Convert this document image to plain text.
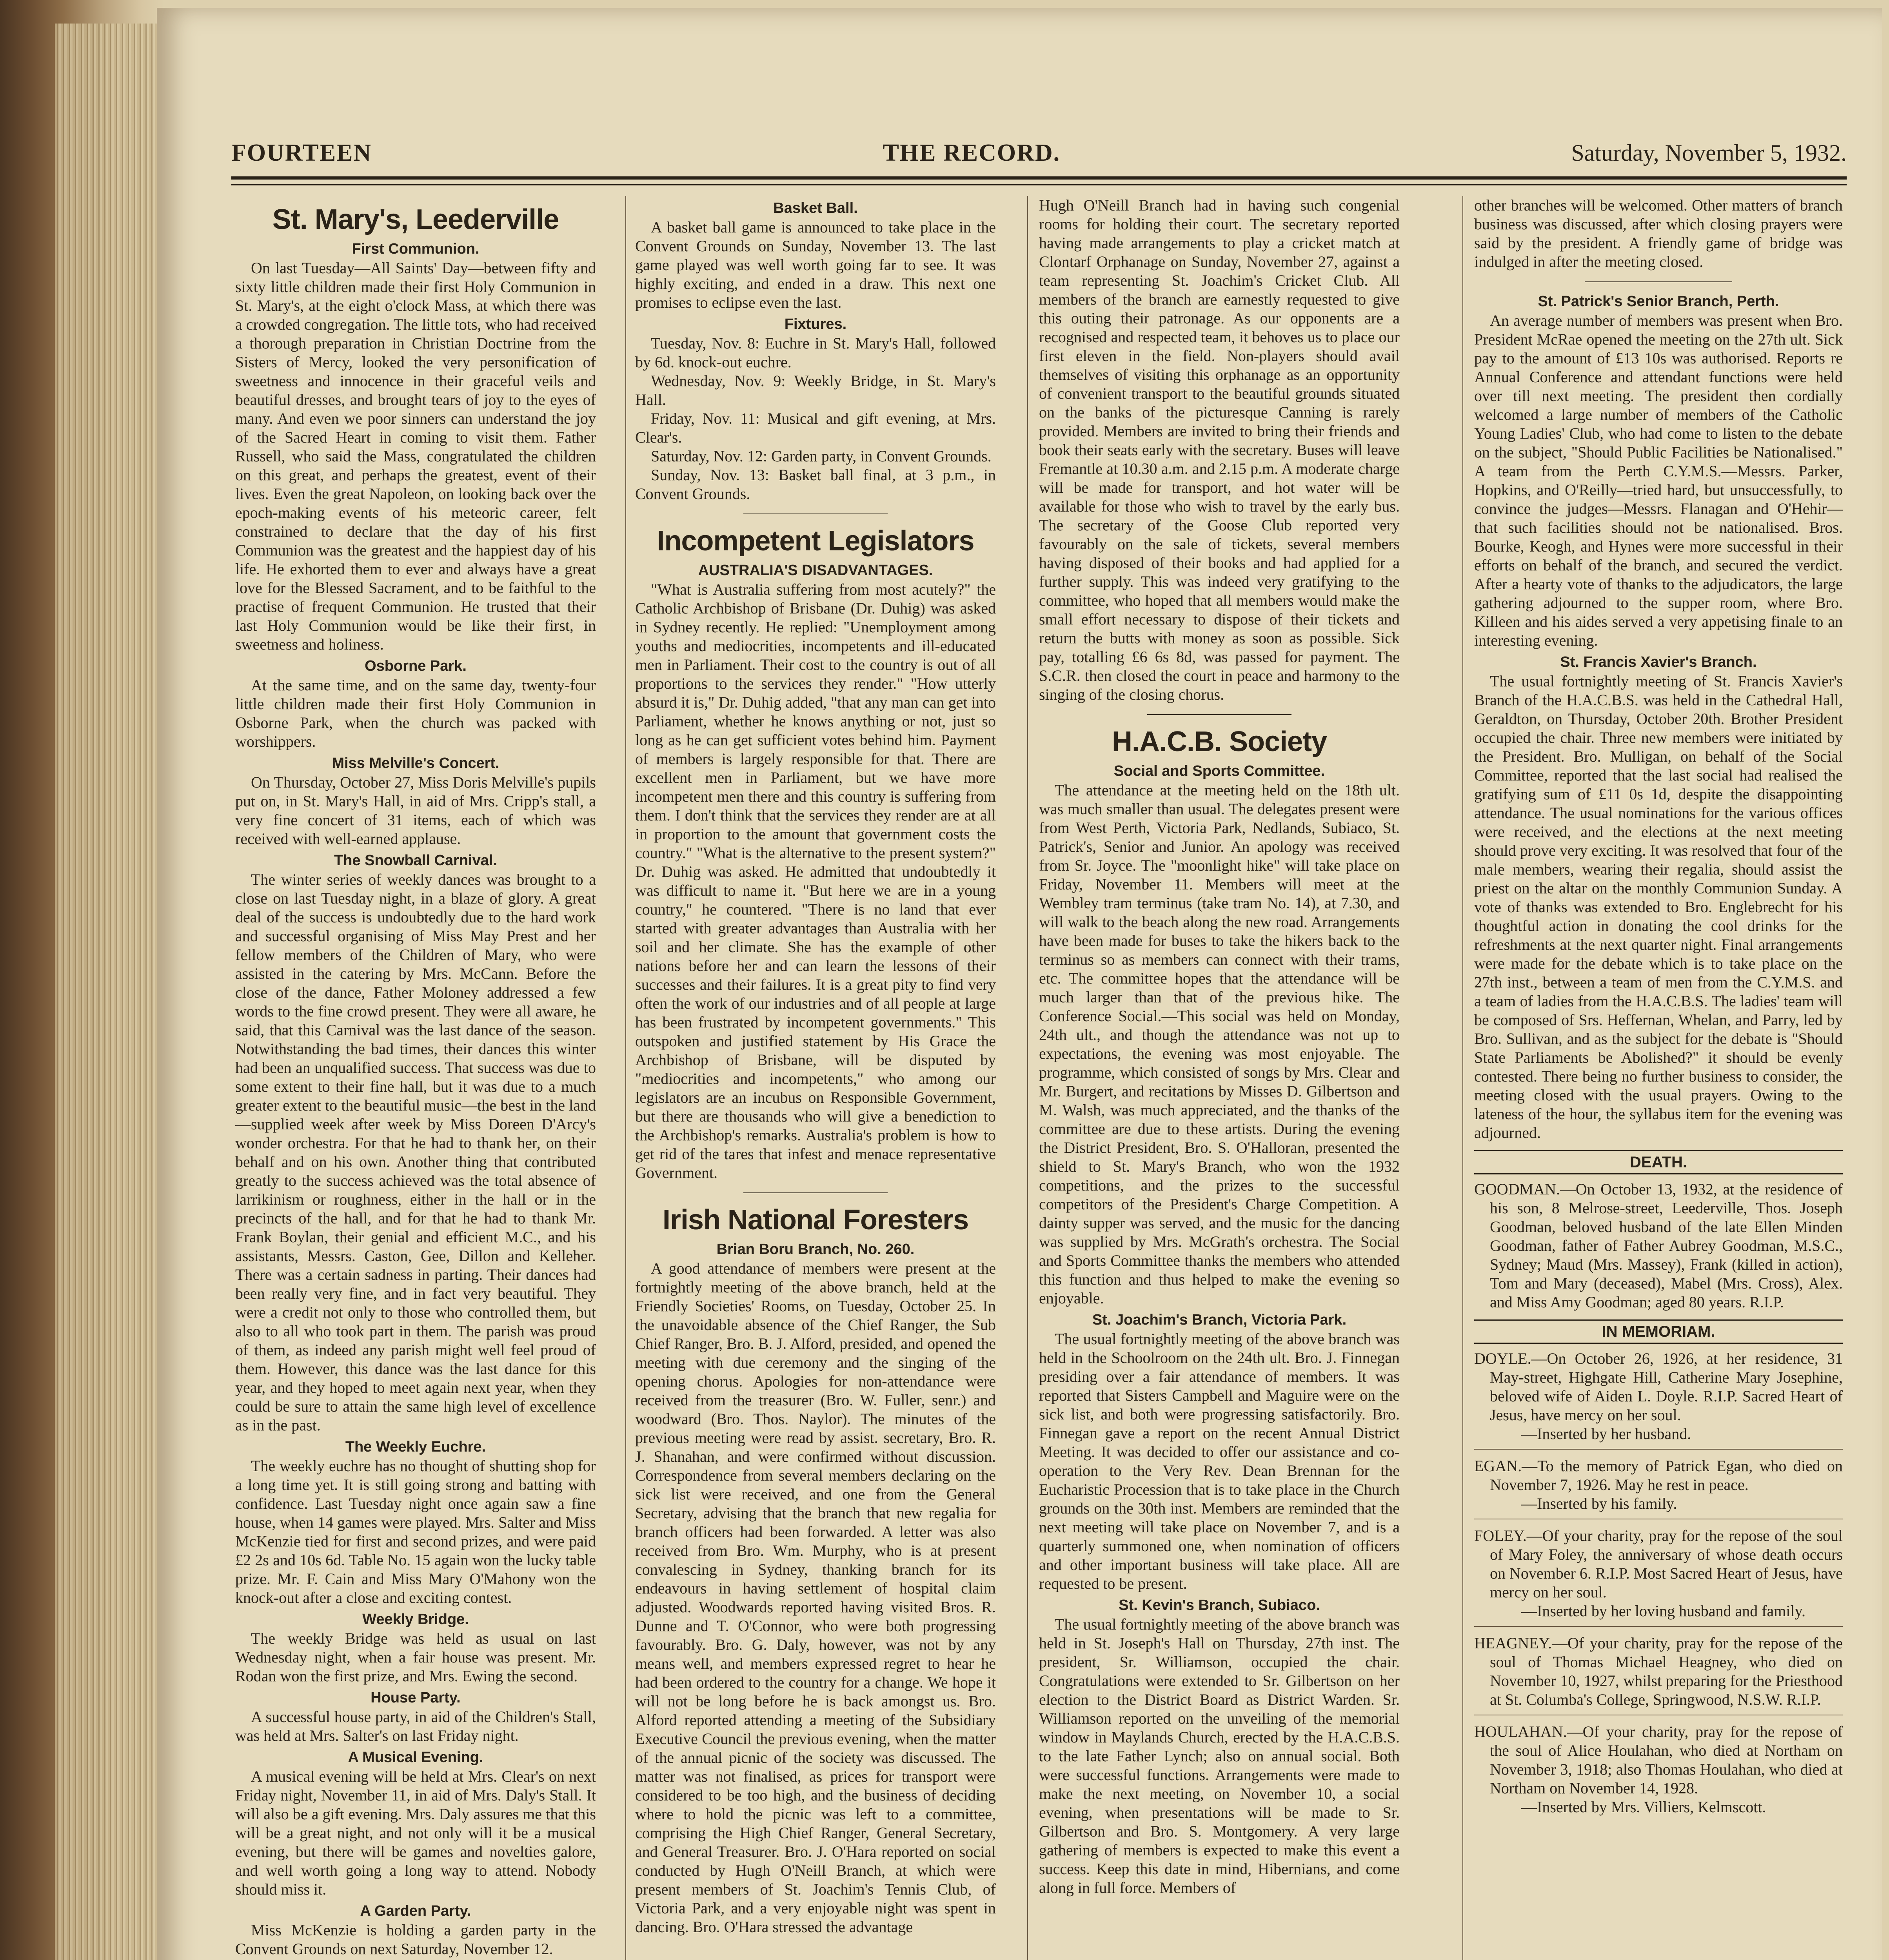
FOURTEEN	THE RECORD.	Saturday, November 5, 1932.
St. Mary's, Leederville
First Communion.

On last Tuesday—All Saints' Day—between fifty and sixty little children made their first Holy Communion in St. Mary's, at the eight o'clock Mass, at which there was a crowded congregation. The little tots, who had received a thorough preparation in Christian Doctrine from the Sisters of Mercy, looked the very personification of sweetness and innocence in their graceful veils and beautiful dresses, and brought tears of joy to the eyes of many. And even we poor sinners can understand the joy of the Sacred Heart in coming to visit them. Father Russell, who said the Mass, congratulated the children on this great, and perhaps the greatest, event of their lives. Even the great Napoleon, on looking back over the epoch-making events of his meteoric career, felt constrained to declare that the day of his first Communion was the greatest and the happiest day of his life. He exhorted them to ever and always have a great love for the Blessed Sacrament, and to be faithful to the practise of frequent Communion. He trusted that their last Holy Communion would be like their first, in sweetness and holiness.

Osborne Park.

At the same time, and on the same day, twenty-four little children made their first Holy Communion in Osborne Park, when the church was packed with worshippers.

Miss Melville's Concert.

On Thursday, October 27, Miss Doris Melville's pupils put on, in St. Mary's Hall, in aid of Mrs. Cripp's stall, a very fine concert of 31 items, each of which was received with well-earned applause.

The Snowball Carnival.

The winter series of weekly dances was brought to a close on last Tuesday night, in a blaze of glory. A great deal of the success is undoubtedly due to the hard work and successful organising of Miss May Prest and her fellow members of the Children of Mary, who were assisted in the catering by Mrs. McCann. Before the close of the dance, Father Moloney addressed a few words to the fine crowd present. They were all aware, he said, that this Carnival was the last dance of the season. Notwithstanding the bad times, their dances this winter had been an unqualified success. That success was due to some extent to their fine hall, but it was due to a much greater extent to the beautiful music—the best in the land—supplied week after week by Miss Doreen D'Arcy's wonder orchestra. For that he had to thank her, on their behalf and on his own. Another thing that contributed greatly to the success achieved was the total absence of larrikinism or roughness, either in the hall or in the precincts of the hall, and for that he had to thank Mr. Frank Boylan, their genial and efficient M.C., and his assistants, Messrs. Caston, Gee, Dillon and Kelleher. There was a certain sadness in parting. Their dances had been really very fine, and in fact very beautiful. They were a credit not only to those who controlled them, but also to all who took part in them. The parish was proud of them, as indeed any parish might well feel proud of them. However, this dance was the last dance for this year, and they hoped to meet again next year, when they could be sure to attain the same high level of excellence as in the past.

The Weekly Euchre.

The weekly euchre has no thought of shutting shop for a long time yet. It is still going strong and batting with confidence. Last Tuesday night once again saw a fine house, when 14 games were played. Mrs. Salter and Miss McKenzie tied for first and second prizes, and were paid £2 2s and 10s 6d. Table No. 15 again won the lucky table prize. Mr. F. Cain and Miss Mary O'Mahony won the knock-out after a close and exciting contest.

Weekly Bridge.

The weekly Bridge was held as usual on last Wednesday night, when a fair house was present. Mr. Rodan won the first prize, and Mrs. Ewing the second.

House Party.

A successful house party, in aid of the Children's Stall, was held at Mrs. Salter's on last Friday night.

A Musical Evening.

A musical evening will be held at Mrs. Clear's on next Friday night, November 11, in aid of Mrs. Daly's Stall. It will also be a gift evening. Mrs. Daly assures me that this will be a great night, and not only will it be a musical evening, but there will be games and novelties galore, and well worth going a long way to attend. Nobody should miss it.

A Garden Party.

Miss McKenzie is holding a garden party in the Convent Grounds on next Saturday, November 12.

Basket Ball.

A basket ball game is announced to take place in the Convent Grounds on Sunday, November 13. The last game played was well worth going far to see. It was highly exciting, and ended in a draw. This next one promises to eclipse even the last.

Fixtures.

Tuesday, Nov. 8: Euchre in St. Mary's Hall, followed by 6d. knock-out euchre.

Wednesday, Nov. 9: Weekly Bridge, in St. Mary's Hall.

Friday, Nov. 11: Musical and gift evening, at Mrs. Clear's.

Saturday, Nov. 12: Garden party, in Convent Grounds.

Sunday, Nov. 13: Basket ball final, at 3 p.m., in Convent Grounds.

Incompetent Legislators
AUSTRALIA'S DISADVANTAGES.

"What is Australia suffering from most acutely?" the Catholic Archbishop of Brisbane (Dr. Duhig) was asked in Sydney recently. He replied: "Unemployment among youths and mediocrities, incompetents and ill-educated men in Parliament. Their cost to the country is out of all proportions to the services they render." "How utterly absurd it is," Dr. Duhig added, "that any man can get into Parliament, whether he knows anything or not, just so long as he can get sufficient votes behind him. Payment of members is largely responsible for that. There are excellent men in Parliament, but we have more incompetent men there and this country is suffering from them. I don't think that the services they render are at all in proportion to the amount that government costs the country." "What is the alternative to the present system?" Dr. Duhig was asked. He admitted that undoubtedly it was difficult to name it. "But here we are in a young country," he countered. "There is no land that ever started with greater advantages than Australia with her soil and her climate. She has the example of other nations before her and can learn the lessons of their successes and their failures. It is a great pity to find very often the work of our industries and of all people at large has been frustrated by incompetent governments." This outspoken and justified statement by His Grace the Archbishop of Brisbane, will be disputed by "mediocrities and incompetents," who among our legislators are an incubus on Responsible Government, but there are thousands who will give a benediction to the Archbishop's remarks. Australia's problem is how to get rid of the tares that infest and menace representative Government.

Irish National Foresters
Brian Boru Branch, No. 260.

A good attendance of members were present at the fortnightly meeting of the above branch, held at the Friendly Societies' Rooms, on Tuesday, October 25. In the unavoidable absence of the Chief Ranger, the Sub Chief Ranger, Bro. B. J. Alford, presided, and opened the meeting with due ceremony and the singing of the opening chorus. Apologies for non-attendance were received from the treasurer (Bro. W. Fuller, senr.) and woodward (Bro. Thos. Naylor). The minutes of the previous meeting were read by assist. secretary, Bro. R. J. Shanahan, and were confirmed without discussion. Correspondence from several members declaring on the sick list were received, and one from the General Secretary, advising that the branch that new regalia for branch officers had been forwarded. A letter was also received from Bro. Wm. Murphy, who is at present convalescing in Sydney, thanking branch for its endeavours in having settlement of hospital claim adjusted. Woodwards reported having visited Bros. R. Dunne and T. O'Connor, who were both progressing favourably. Bro. G. Daly, however, was not by any means well, and members expressed regret to hear he had been ordered to the country for a change. We hope it will not be long before he is back amongst us. Bro. Alford reported attending a meeting of the Subsidiary Executive Council the previous evening, when the matter of the annual picnic of the society was discussed. The matter was not finalised, as prices for transport were considered to be too high, and the business of deciding where to hold the picnic was left to a committee, comprising the High Chief Ranger, General Secretary, and General Treasurer. Bro. J. O'Hara reported on social conducted by Hugh O'Neill Branch, at which were present members of St. Joachim's Tennis Club, of Victoria Park, and a very enjoyable night was spent in dancing. Bro. O'Hara stressed the advantage

Hugh O'Neill Branch had in having such congenial rooms for holding their court. The secretary reported having made arrangements to play a cricket match at Clontarf Orphanage on Sunday, November 27, against a team representing St. Joachim's Cricket Club. All members of the branch are earnestly requested to give this outing their patronage. As our opponents are a recognised and respected team, it behoves us to place our first eleven in the field. Non-players should avail themselves of visiting this orphanage as an opportunity of convenient transport to the beautiful grounds situated on the banks of the picturesque Canning is rarely provided. Members are invited to bring their friends and book their seats early with the secretary. Buses will leave Fremantle at 10.30 a.m. and 2.15 p.m. A moderate charge will be made for transport, and hot water will be available for those who wish to travel by the early bus. The secretary of the Goose Club reported very favourably on the sale of tickets, several members having disposed of their books and had applied for a further supply. This was indeed very gratifying to the committee, who hoped that all members would make the small effort necessary to dispose of their tickets and return the butts with money as soon as possible. Sick pay, totalling £6 6s 8d, was passed for payment. The S.C.R. then closed the court in peace and harmony to the singing of the closing chorus.

H.A.C.B. Society
Social and Sports Committee.

The attendance at the meeting held on the 18th ult. was much smaller than usual. The delegates present were from West Perth, Victoria Park, Nedlands, Subiaco, St. Patrick's, Senior and Junior. An apology was received from Sr. Joyce. The "moonlight hike" will take place on Friday, November 11. Members will meet at the Wembley tram terminus (take tram No. 14), at 7.30, and will walk to the beach along the new road. Arrangements have been made for buses to take the hikers back to the terminus so as members can connect with their trams, etc. The committee hopes that the attendance will be much larger than that of the previous hike. The Conference Social.—This social was held on Monday, 24th ult., and though the attendance was not up to expectations, the evening was most enjoyable. The programme, which consisted of songs by Mrs. Clear and Mr. Burgert, and recitations by Misses D. Gilbertson and M. Walsh, was much appreciated, and the thanks of the committee are due to these artists. During the evening the District President, Bro. S. O'Halloran, presented the shield to St. Mary's Branch, who won the 1932 competitions, and the prizes to the successful competitors of the President's Charge Competition. A dainty supper was served, and the music for the dancing was supplied by Mrs. McGrath's orchestra. The Social and Sports Committee thanks the members who attended this function and thus helped to make the evening so enjoyable.

St. Joachim's Branch, Victoria Park.

The usual fortnightly meeting of the above branch was held in the Schoolroom on the 24th ult. Bro. J. Finnegan presiding over a fair attendance of members. It was reported that Sisters Campbell and Maguire were on the sick list, and both were progressing satisfactorily. Bro. Finnegan gave a report on the recent Annual District Meeting. It was decided to offer our assistance and co-operation to the Very Rev. Dean Brennan for the Eucharistic Procession that is to take place in the Church grounds on the 30th inst. Members are reminded that the next meeting will take place on November 7, and is a quarterly summoned one, when nomination of officers and other important business will take place. All are requested to be present.

St. Kevin's Branch, Subiaco.

The usual fortnightly meeting of the above branch was held in St. Joseph's Hall on Thursday, 27th inst. The president, Sr. Williamson, occupied the chair. Congratulations were extended to Sr. Gilbertson on her election to the District Board as District Warden. Sr. Williamson reported on the unveiling of the memorial window in Maylands Church, erected by the H.A.C.B.S. to the late Father Lynch; also on annual social. Both were successful functions. Arrangements were made to make the next meeting, on November 10, a social evening, when presentations will be made to Sr. Gilbertson and Bro. S. Montgomery. A very large gathering of members is expected to make this event a success. Keep this date in mind, Hibernians, and come along in full force. Members of

other branches will be welcomed. Other matters of branch business was discussed, after which closing prayers were said by the president. A friendly game of bridge was indulged in after the meeting closed.

St. Patrick's Senior Branch, Perth.

An average number of members was present when Bro. President McRae opened the meeting on the 27th ult. Sick pay to the amount of £13 10s was authorised. Reports re Annual Conference and attendant functions were held over till next meeting. The president then cordially welcomed a large number of members of the Catholic Young Ladies' Club, who had come to listen to the debate on the subject, "Should Public Facilities be Nationalised." A team from the Perth C.Y.M.S.—Messrs. Parker, Hopkins, and O'Reilly—tried hard, but unsuccessfully, to convince the judges—Messrs. Flanagan and O'Hehir—that such facilities should not be nationalised. Bros. Bourke, Keogh, and Hynes were more successful in their efforts on behalf of the branch, and secured the verdict. After a hearty vote of thanks to the adjudicators, the large gathering adjourned to the supper room, where Bro. Killeen and his aides served a very appetising finale to an interesting evening.

St. Francis Xavier's Branch.

The usual fortnightly meeting of St. Francis Xavier's Branch of the H.A.C.B.S. was held in the Cathedral Hall, Geraldton, on Thursday, October 20th. Brother President occupied the chair. Three new members were initiated by the President. Bro. Mulligan, on behalf of the Social Committee, reported that the last social had realised the gratifying sum of £11 0s 1d, despite the disappointing attendance. The usual nominations for the various offices were received, and the elections at the next meeting should prove very exciting. It was resolved that four of the male members, wearing their regalia, should assist the priest on the altar on the monthly Communion Sunday. A vote of thanks was extended to Bro. Englebrecht for his thoughtful action in donating the cool drinks for the refreshments at the next quarter night. Final arrangements were made for the debate which is to take place on the 27th inst., between a team of men from the C.Y.M.S. and a team of ladies from the H.A.C.B.S. The ladies' team will be composed of Srs. Heffernan, Whelan, and Parry, led by Bro. Sullivan, and as the subject for the debate is "Should State Parliaments be Abolished?" it should be evenly contested. There being no further business to consider, the meeting closed with the usual prayers. Owing to the lateness of the hour, the syllabus item for the evening was adjourned.

DEATH.

GOODMAN.—On October 13, 1932, at the residence of his son, 8 Melrose-street, Leederville, Thos. Joseph Goodman, beloved husband of the late Ellen Minden Goodman, father of Father Aubrey Goodman, M.S.C., Sydney; Maud (Mrs. Massey), Frank (killed in action), Tom and Mary (deceased), Mabel (Mrs. Cross), Alex. and Miss Amy Goodman; aged 80 years. R.I.P.

IN MEMORIAM.

DOYLE.—On October 26, 1926, at her residence, 31 May-street, Highgate Hill, Catherine Mary Josephine, beloved wife of Aiden L. Doyle. R.I.P. Sacred Heart of Jesus, have mercy on her soul.
—Inserted by her husband.

EGAN.—To the memory of Patrick Egan, who died on November 7, 1926. May he rest in peace.
—Inserted by his family.

FOLEY.—Of your charity, pray for the repose of the soul of Mary Foley, the anniversary of whose death occurs on November 6. R.I.P. Most Sacred Heart of Jesus, have mercy on her soul.
—Inserted by her loving husband and family.

HEAGNEY.—Of your charity, pray for the repose of the soul of Thomas Michael Heagney, who died on November 10, 1927, whilst preparing for the Priesthood at St. Columba's College, Springwood, N.S.W. R.I.P.

HOULAHAN.—Of your charity, pray for the repose of the soul of Alice Houlahan, who died at Northam on November 3, 1918; also Thomas Houlahan, who died at Northam on November 14, 1928.
—Inserted by Mrs. Villiers, Kelmscott.
